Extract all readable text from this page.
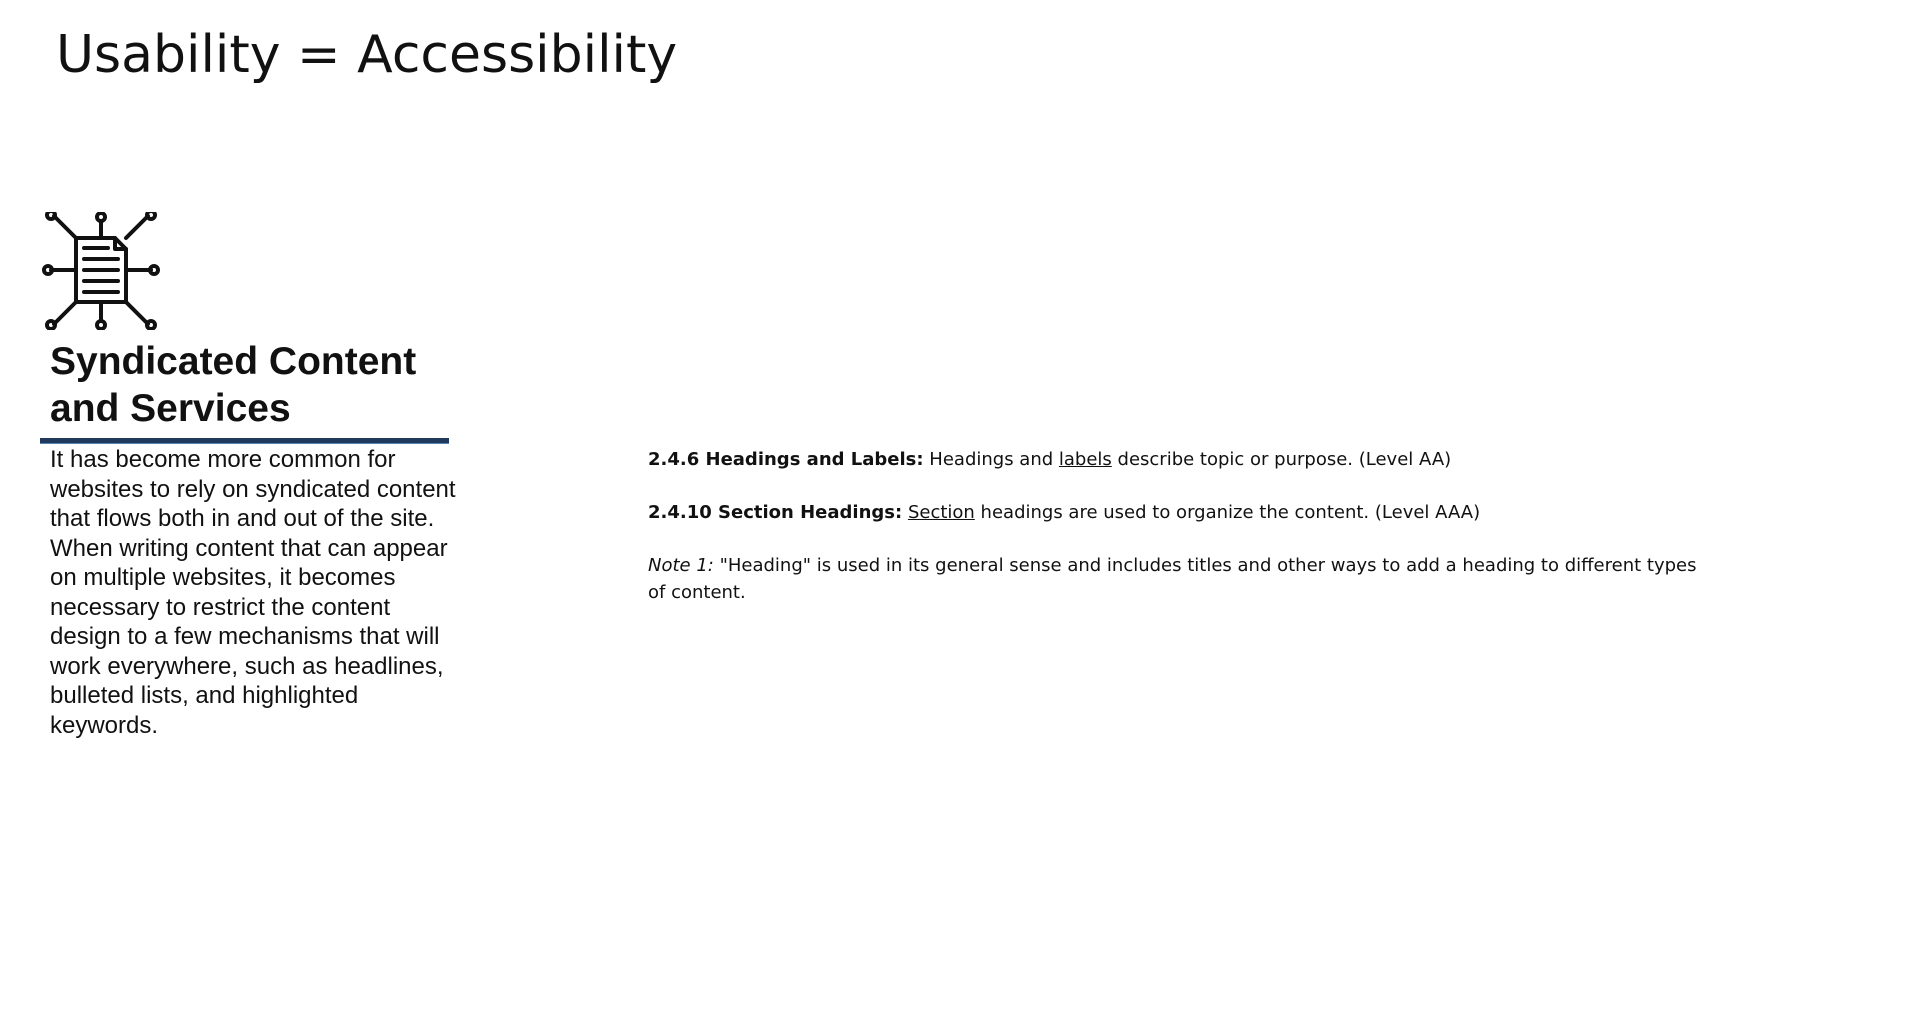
Usability = Accessibility
Syndicated Content and Services

It has become more common for websites to rely on syndicated content that flows both in and out of the site. When writing content that can appear on multiple websites, it becomes necessary to restrict the content design to a few mechanisms that will work everywhere, such as headlines, bulleted lists, and highlighted keywords.

2.4.6 Headings and Labels: Headings and labels describe topic or purpose. (Level AA)

2.4.10 Section Headings: Section headings are used to organize the content. (Level AAA)

Note 1: "Heading" is used in its general sense and includes titles and other ways to add a heading to different types of content.
